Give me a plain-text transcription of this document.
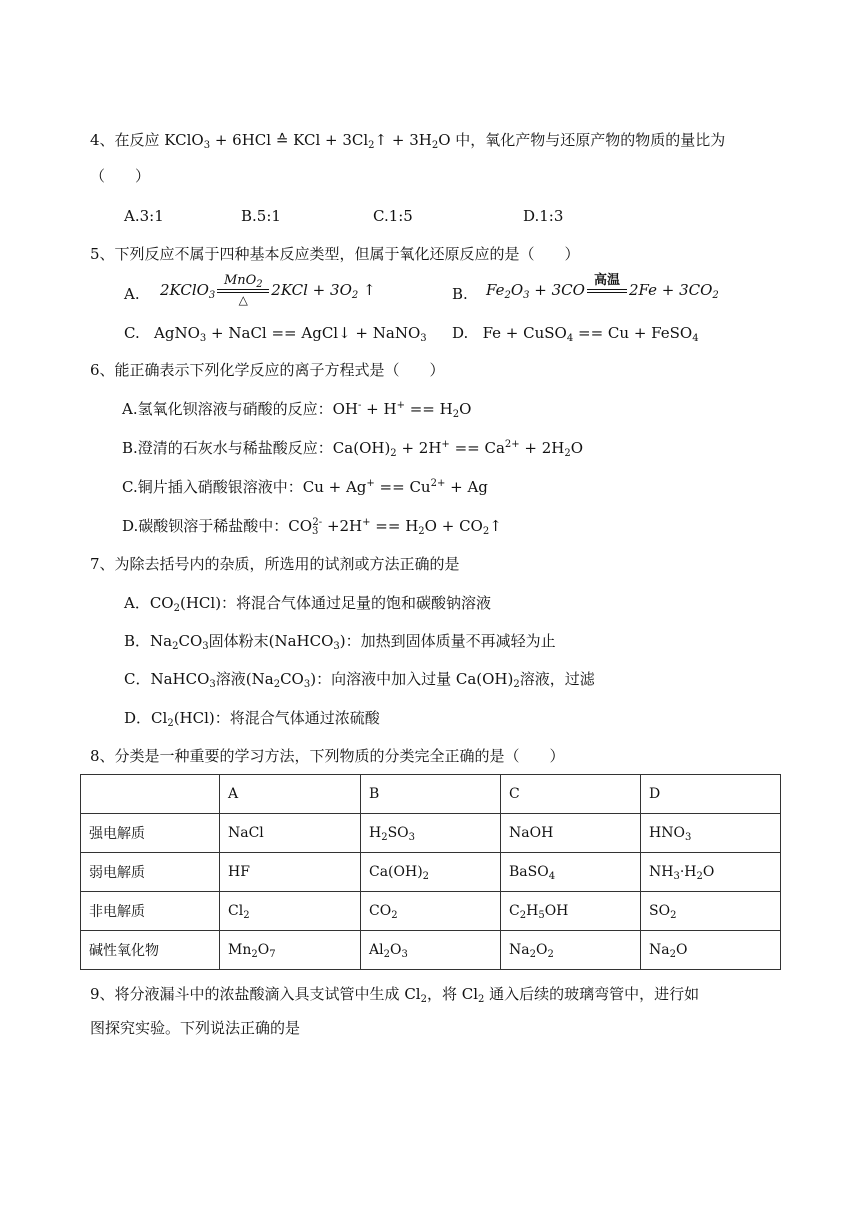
4、在反应 KClO$_3$ + 6HCl ≙ KCl + $3Cl_2↑ + 3H_2O$ 中，氧化产物与还原产物的物质的量比为
（　　）
A.3:1	B.5:1	C.1:5	D.1:3
5、下列反应不属于四种基本反应类型，但属于氧化还原反应的是（　　）
A. 2KClO$_3$
MnO$_2$
△
$2KCl + 3O_2$ ↑	B. $Fe_2O_3 + 3CO$
高温
$2Fe + 3CO_2$
C. AgNO$_3$ + NaCl == AgCl↓ + NaNO$_3$ D. Fe + CuSO$_4$ == Cu + FeSO$_4$
6、能正确表示下列化学反应的离子方程式是（　　）
A.氢氧化钡溶液与硝酸的反应：$OH^- + H^+ == H_2O$
B.澄清的石灰水与稀盐酸反应：$Ca(OH)_2 + 2H^+ == Ca^{2+} + 2H_2O$
C.铜片插入硝酸银溶液中：$Cu + Ag^+ == Cu^{2+} + Ag$
D.碳酸钡溶于稀盐酸中：$CO_3^{2-} +2H^+ == H_2O$ + $CO_2↑$
7、为除去括号内的杂质，所选用的试剂或方法正确的是
A．$CO_2(HCl)$：将混合气体通过足量的饱和碳酸钠溶液
B．$Na_2CO_3$固体粉末(NaHCO$_3$)：加热到固体质量不再减轻为止
C．NaHCO$_3$溶液$(Na_2CO_3)$：向溶液中加入过量 $Ca(OH)_2$溶液，过滤
D．$Cl_2(HCl)$：将混合气体通过浓硫酸
8、分类是一种重要的学习方法，下列物质的分类完全正确的是（　　）
	A	B	C	D
强电解质	NaCl	$H_2SO_3$	NaOH	$HNO_3$
弱电解质	HF	$Ca(OH)_2$	BaSO$_4$	$NH_3\cdot H_2O$
非电解质	$Cl_2$	$CO_2$	$C_2H_5OH$	$SO_2$
碱性氧化物	$Mn_2O_7$	$Al_2O_3$	$Na_2O_2$	$Na_2O$
9、将分液漏斗中的浓盐酸滴入具支试管中生成 $Cl_2$，将 $Cl_2$ 通入后续的玻璃弯管中，进行如
图探究实验。下列说法正确的是
